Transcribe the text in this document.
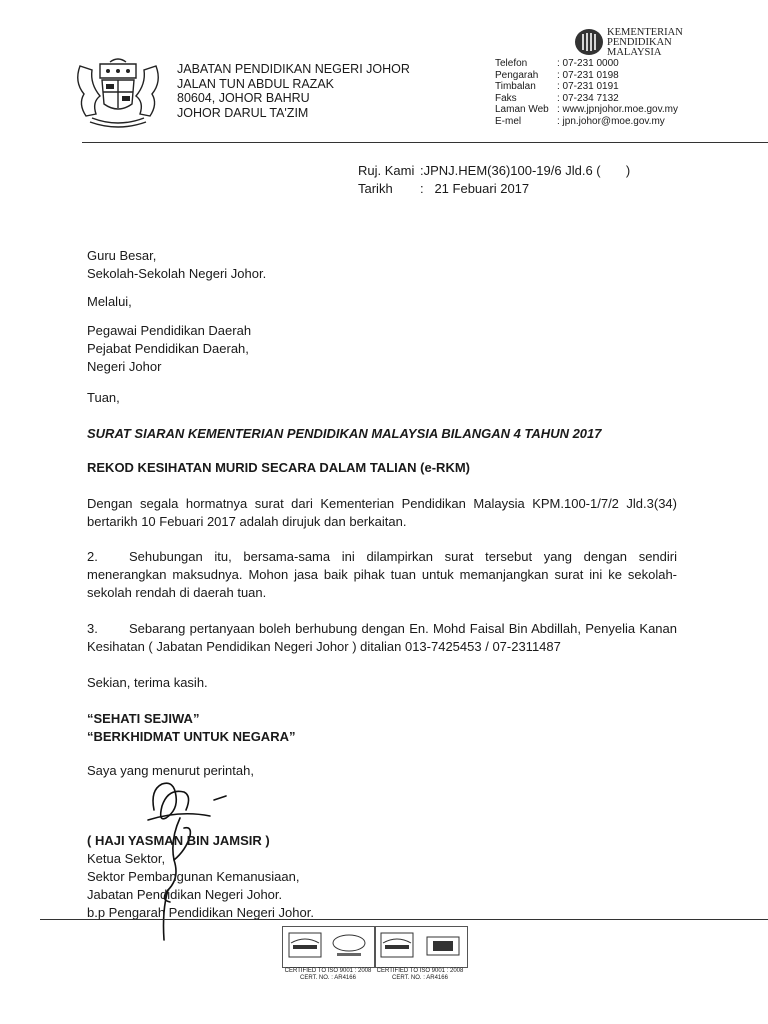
JABATAN PENDIDIKAN NEGERI JOHOR
JALAN TUN ABDUL RAZAK
80604, JOHOR BAHRU
JOHOR DARUL TA'ZIM
KEMENTERIAN
PENDIDIKAN
MALAYSIA
Telefon	: 07-231 0000
Pengarah	: 07-231 0198
Timbalan	: 07-231 0191
Faks	: 07-234 7132
Laman Web : www.jpnjohor.moe.gov.my
E-mel	: jpn.johor@moe.gov.my
Ruj. Kami :JPNJ.HEM(36)100-19/6 Jld.6 (       )
Tarikh	:   21 Febuari 2017
Guru Besar,
Sekolah-Sekolah Negeri Johor.
Melalui,
Pegawai Pendidikan Daerah
Pejabat Pendidikan Daerah,
Negeri Johor
Tuan,
SURAT SIARAN KEMENTERIAN PENDIDIKAN MALAYSIA BILANGAN 4 TAHUN 2017
REKOD KESIHATAN MURID SECARA DALAM TALIAN (e-RKM)
Dengan segala hormatnya surat dari Kementerian Pendidikan Malaysia KPM.100-1/7/2 Jld.3(34) bertarikh 10 Febuari 2017 adalah dirujuk dan berkaitan.
2. Sehubungan itu, bersama-sama ini dilampirkan surat tersebut yang dengan sendiri menerangkan maksudnya. Mohon jasa baik pihak tuan untuk memanjangkan surat ini ke sekolah-sekolah rendah di daerah tuan.
3. Sebarang pertanyaan boleh berhubung dengan En. Mohd Faisal Bin Abdillah, Penyelia Kanan Kesihatan ( Jabatan Pendidikan Negeri Johor ) ditalian 013-7425453 / 07-2311487
Sekian, terima kasih.
“SEHATI SEJIWA”
“BERKHIDMAT UNTUK NEGARA”
Saya yang menurut perintah,
( HAJI YASMAN BIN JAMSIR )
Ketua Sektor,
Sektor Pembangunan Kemanusiaan,
Jabatan Pendidikan Negeri Johor.
b.p Pengarah Pendidikan Negeri Johor.
CERTIFIED TO ISO 9001 : 2008
CERT. NO. : AR4166
CERTIFIED TO ISO 9001 : 2008
CERT. NO. : AR4166
